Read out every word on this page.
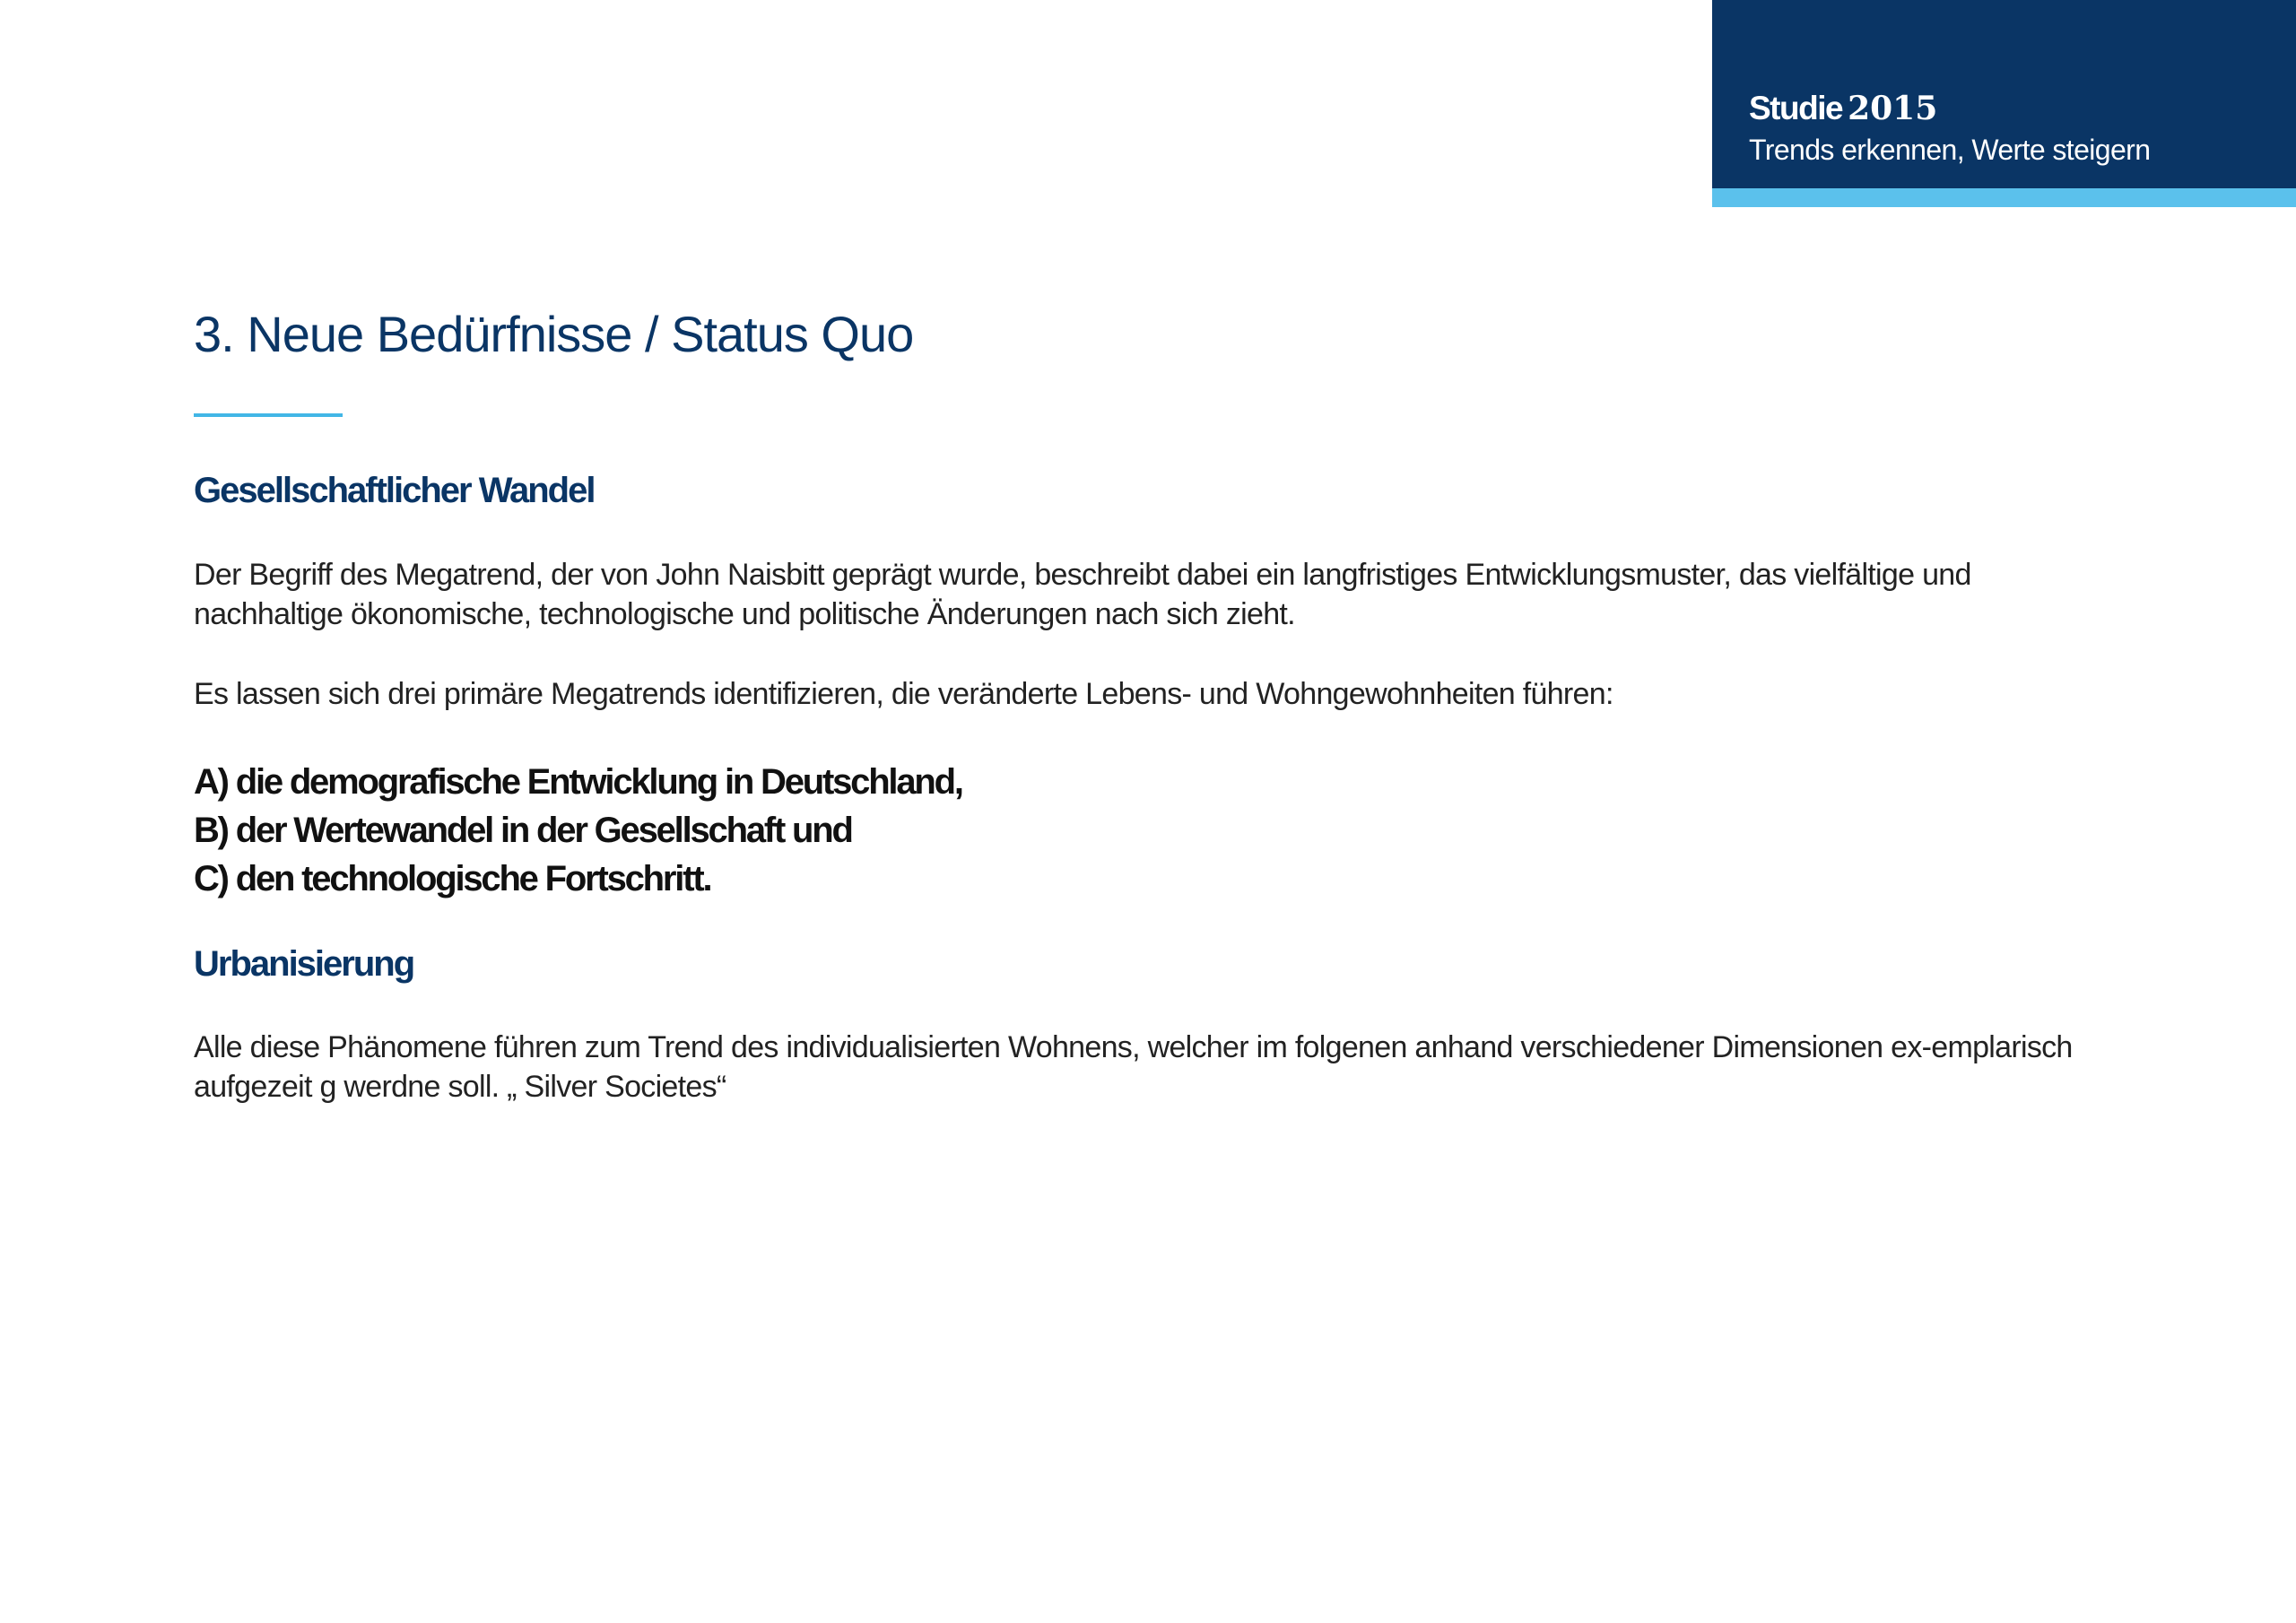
Studie 2015
Trends erkennen, Werte steigern
3. Neue Bedürfnisse / Status Quo
Gesellschaftlicher Wandel

Der Begriff des Megatrend, der von John Naisbitt geprägt wurde, beschreibt dabei ein langfristiges Entwicklungsmuster, das vielfältige und nachhaltige ökonomische, technologische und politische Änderungen nach sich zieht.

Es lassen sich drei primäre Megatrends identifizieren, die veränderte Lebens- und Wohngewohnheiten führen:

A) die demografische Entwicklung in Deutschland,
B) der Wertewandel in der Gesellschaft und
C) den technologische Fortschritt.
Urbanisierung

Alle diese Phänomene führen zum Trend des individualisierten Wohnens, welcher im folgenen anhand verschiedener Dimensionen ex-emplarisch aufgezeit g werdne soll. „ Silver Societes“
